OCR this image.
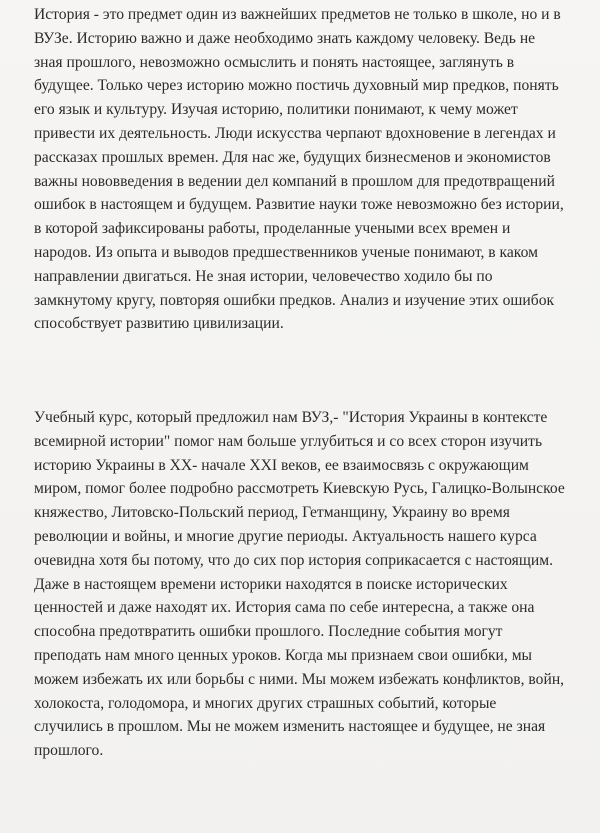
История - это предмет один из важнейших предметов не только в школе, но и в
ВУЗе. Историю важно и даже необходимо знать каждому человеку. Ведь не
зная прошлого, невозможно осмыслить и понять настоящее, заглянуть в
будущее. Только через историю можно постичь духовный мир предков, понять
его язык и культуру. Изучая историю, политики понимают, к чему может
привести их деятельность. Люди искусства черпают вдохновение в легендах и
рассказах прошлых времен. Для нас же, будущих бизнесменов и экономистов
важны нововведения в ведении дел компаний в прошлом для предотвращений
ошибок в настоящем и будущем. Развитие науки тоже невозможно без истории,
в которой зафиксированы работы, проделанные учеными всех времен и
народов. Из опыта и выводов предшественников ученые понимают, в каком
направлении двигаться. Не зная истории, человечество ходило бы по
замкнутому кругу, повторяя ошибки предков. Анализ и изучение этих ошибок
способствует развитию цивилизации.
Учебный курс, который предложил нам ВУЗ,- "История Украины в контексте
всемирной истории" помог нам больше углубиться и со всех сторон изучить
историю Украины в XX- начале XXI веков, ее взаимосвязь с окружающим
миром, помог более подробно рассмотреть Киевскую Русь, Галицко-Волынское
княжество, Литовско-Польский период, Гетманщину, Украину во время
революции и войны, и многие другие периоды. Актуальность нашего курса
очевидна хотя бы потому, что до сих пор история соприкасается с настоящим.
Даже в настоящем времени историки находятся в поиске исторических
ценностей и даже находят их. История сама по себе интересна, а также она
способна предотвратить ошибки прошлого. Последние события могут
преподать нам много ценных уроков. Когда мы признаем свои ошибки, мы
можем избежать их или борьбы с ними. Мы можем избежать конфликтов, войн,
холокоста, голодомора, и многих других страшных событий, которые
случились в прошлом. Мы не можем изменить настоящее и будущее, не зная
прошлого.
